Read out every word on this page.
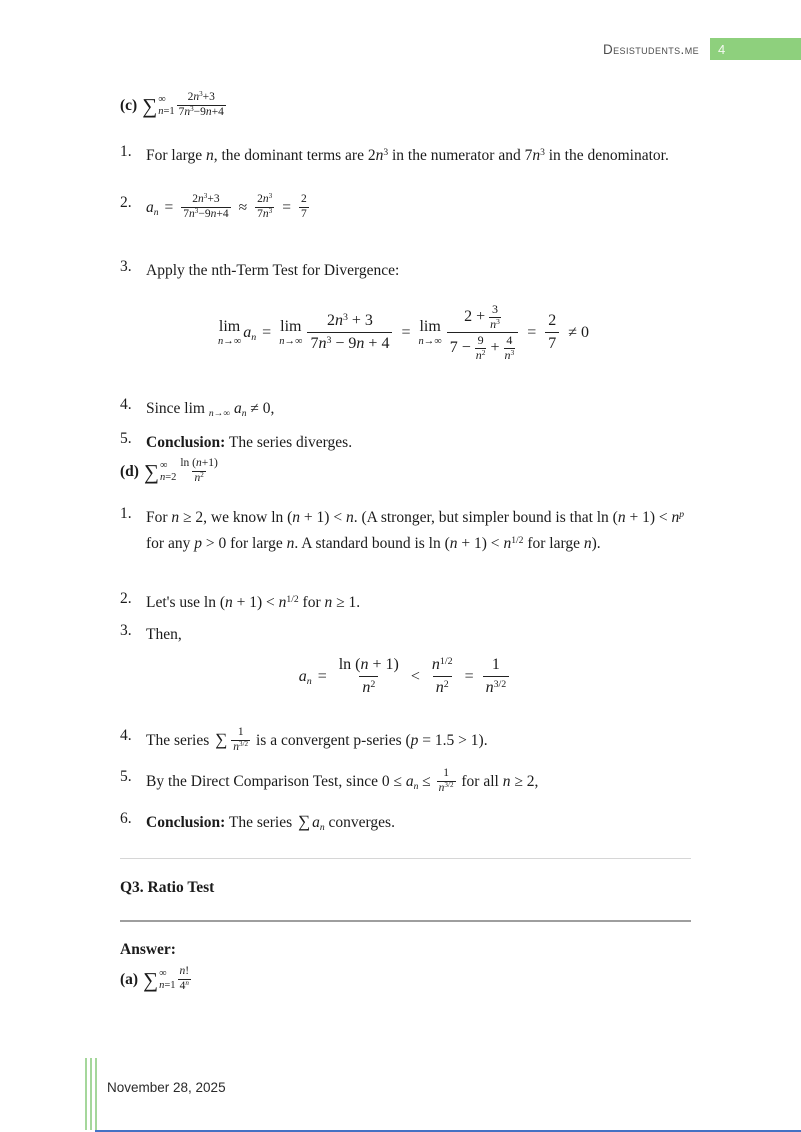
Desistudents.me 4
(c) ∑ ∞
$n=1 \frac{2n^3+3}{7n^3-9n+4}$
1. For large n, the dominant terms are $2n^3$ in the numerator and $7n^3$ in the denominator.
2. an = $\frac{2n^3+3}{7n^3-9n+4} \approx \frac{2n^3}{7n^3} = \frac{2}{7}$
3. Apply the nth-Term Test for Divergence:
lim
n→∞
an = lim
$n\to\infty \frac{2n^3 + 3}{7n^3 - 9n + 4} = \lim$
$n\to\infty \frac{2 + \frac{3}{n^3}}{7 - \frac{9}{n^2} + \frac{4}{n^3}} = \frac{2}{7} \ne 0$
4. Since lim n→∞ an ≠ 0,
5. Conclusion: The series diverges.
(d) ∑ ∞
$n=2 \frac{\ln (n+1)}{n^2}$
1. For n ≥ 2, we know ln (n + 1) < n. (A stronger, but simpler bound is that $\ln (n + 1) < n^p$ for any p > 0 for large n. A standard bound is $\ln (n + 1) < n^{1/2}$ for large n).
2. Let's use $\ln (n + 1) < n^{1/2}$ for n ≥ 1.
3. Then,
an = $\frac{\ln (n + 1)}{n^2} < \frac{n^{1/2}}{n^2} = \frac{1}{n^{3/2}}$
4. The series ∑ $\frac{1}{n^{3/2}}$ is a convergent p-series (p = 1.5 > 1).
5. By the Direct Comparison Test, since 0 ≤ an ≤ $\frac{1}{n^{3/2}}$ for all n ≥ 2,
6. Conclusion: The series ∑ an converges.
Q3. Ratio Test
Answer:
(a) ∑ ∞
$n=1 \frac{n!}{4^n}$
November 28, 2025
